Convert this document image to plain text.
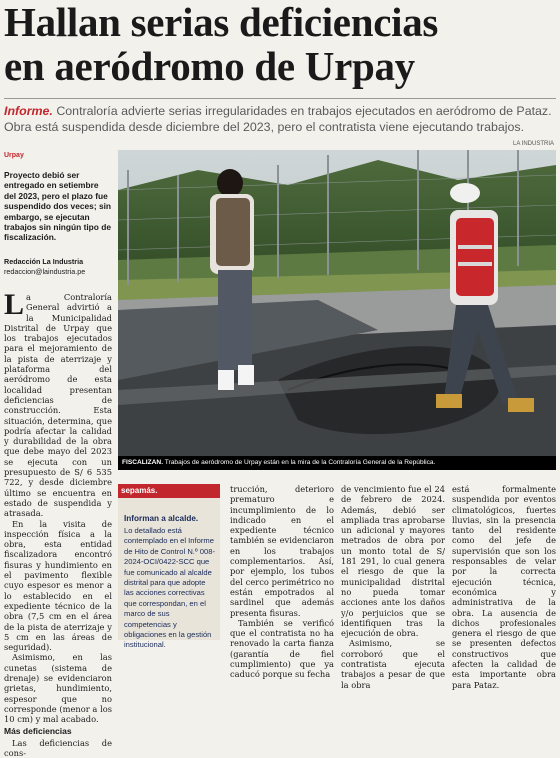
Hallan serias deficiencias
en aeródromo de Urpay
Informe. Contraloría advierte serias irregularidades en trabajos ejecutados en aeródromo de Pataz. Obra está suspendida desde diciembre del 2023, pero el contratista viene ejecutando trabajos.
LA INDUSTRIA
Urpay
Proyecto debió ser entregado en setiembre del 2023, pero el plazo fue suspendido dos veces; sin embargo, se ejecutan trabajos sin ningún tipo de fiscalización.
Redacción La Industria
redaccion@laindustria.pe

La Contraloría General advirtió a la Municipalidad Distrital de Urpay que los trabajos ejecutados para el mejoramiento de la pista de aterrizaje y plataforma del aeródromo de esta localidad presentan deficiencias de construcción. Esta situación, determina, que podría afectar la calidad y durabilidad de la obra que debe mayo del 2023 se ejecuta con un presupuesto de S/ 6 535 722, y desde diciembre último se encuentra en estado de suspendida y atrasada.

En la visita de inspección física a la obra, esta entidad fiscalizadora encontró fisuras y hundimiento en el pavimento flexible cuyo espesor es menor a lo establecido en el expediente técnico de la obra (7,5 cm en el área de la pista de aterrizaje y 5 cm en las áreas de seguridad).

Asimismo, en las cunetas (sistema de drenaje) se evidenciaron grietas, hundimiento, espesor que no corresponde (menor a los 10 cm) y mal acabado.

Más deficiencias

Las deficiencias de cons-

FISCALIZAN. Trabajos de aeródromo de Urpay están en la mira de la Contraloría General de la República.
sepamás.
Informan a alcalde.
Lo detallado está contemplado en el Informe de Hito de Control N.º 008-2024-OCI/0422-SCC que fue comunicado al alcalde distrital para que adopte las acciones correctivas que correspondan, en el marco de sus competencias y obligaciones en la gestión institucional.

trucción, deterioro prematuro e incumplimiento de lo indicado en el expediente técnico también se evidenciaron en los trabajos complementarios. Así, por ejemplo, los tubos del cerco perimétrico no están empotrados al sardinel que además presenta fisuras.

También se verificó que el contratista no ha renovado la carta fianza (garantía de fiel cumplimiento) que ya caducó porque su fecha

de vencimiento fue el 24 de febrero de 2024. Además, debió ser ampliada tras aprobarse un adicional y mayores metrados de obra por un monto total de S/ 181 291, lo cual genera el riesgo de que la municipalidad distrital no pueda tomar acciones ante los daños y/o perjuicios que se identifiquen tras la ejecución de obra.

Asimismo, se corroboró que el contratista ejecuta trabajos a pesar de que la obra

está formalmente suspendida por eventos climatológicos, fuertes lluvias, sin la presencia tanto del residente como del jefe de supervisión que son los responsables de velar por la correcta ejecución técnica, económica y administrativa de la obra. La ausencia de dichos profesionales genera el riesgo de que se presenten defectos constructivos que afecten la calidad de esta importante obra para Pataz.
